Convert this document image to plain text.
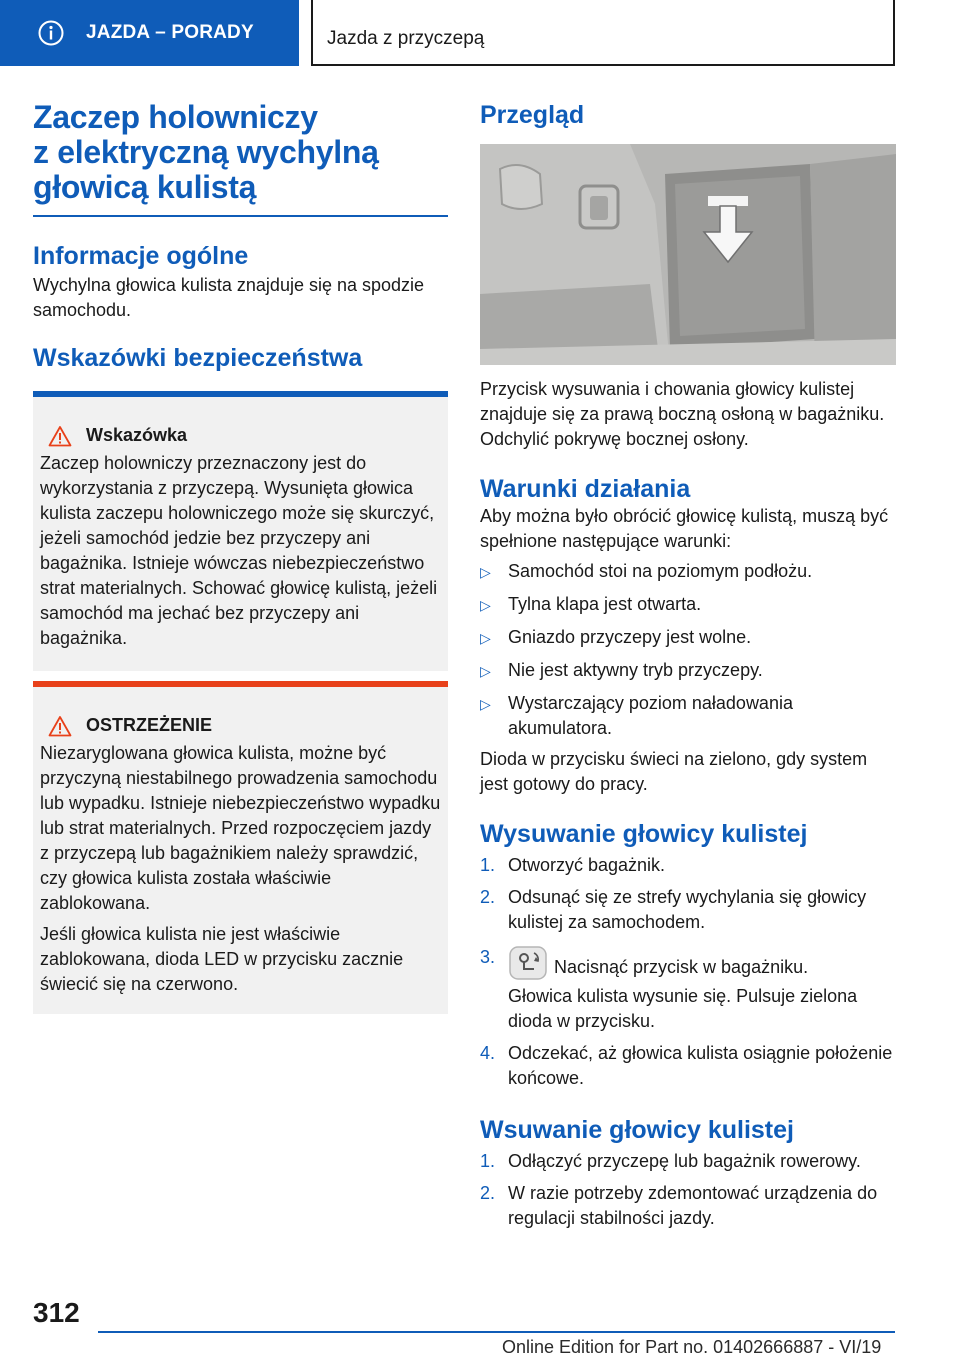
JAZDA – PORADY	Jazda z przyczepą
Zaczep holowniczy
z elektryczną wychylną
głowicą kulistą
Informacje ogólne

Wychylna głowica kulista znajduje się na spodzie samochodu.

Wskazówki bezpieczeństwa
Wskazówka

Zaczep holowniczy przeznaczony jest do wykorzystania z przyczepą. Wysunięta głowica kulista zaczepu holowniczego może się skurczyć, jeżeli samochód jedzie bez przyczepy ani bagażnika. Istnieje wówczas niebezpieczeństwo strat materialnych. Schować głowicę kulistą, jeżeli samochód ma jechać bez przyczepy ani bagażnika.

OSTRZEŻENIE

Niezaryglowana głowica kulista, możne być przyczyną niestabilnego prowadzenia samochodu lub wypadku. Istnieje niebezpieczeństwo wypadku lub strat materialnych. Przed rozpoczęciem jazdy z przyczepą lub bagażnikiem należy sprawdzić, czy głowica kulista została właściwie zablokowana.

Jeśli głowica kulista nie jest właściwie zablokowana, dioda LED w przycisku zacznie świecić się na czerwono.

Przegląd

Przycisk wysuwania i chowania głowicy kulistej znajduje się za prawą boczną osłoną w bagażniku. Odchylić pokrywę bocznej osłony.

Warunki działania

Aby można było obrócić głowicę kulistą, muszą być spełnione następujące warunki:

▷ Samochód stoi na poziomym podłożu.
▷ Tylna klapa jest otwarta.
▷ Gniazdo przyczepy jest wolne.
▷ Nie jest aktywny tryb przyczepy.
▷ Wystarczający poziom naładowania akumulatora.

Dioda w przycisku świeci na zielono, gdy system jest gotowy do pracy.

Wysuwanie głowicy kulistej
1. Otworzyć bagażnik.
2. Odsunąć się ze strefy wychylania się głowicy kulistej za samochodem.
3.	Nacisnąć przycisk w bagażniku.

Głowica kulista wysunie się. Pulsuje zielona dioda w przycisku.

4. Odczekać, aż głowica kulista osiągnie położenie końcowe.
Wsuwanie głowicy kulistej
1. Odłączyć przyczepę lub bagażnik rowerowy.
2. W razie potrzeby zdemontować urządzenia do regulacji stabilności jazdy.
312
Online Edition for Part no. 01402666887 - VI/19
